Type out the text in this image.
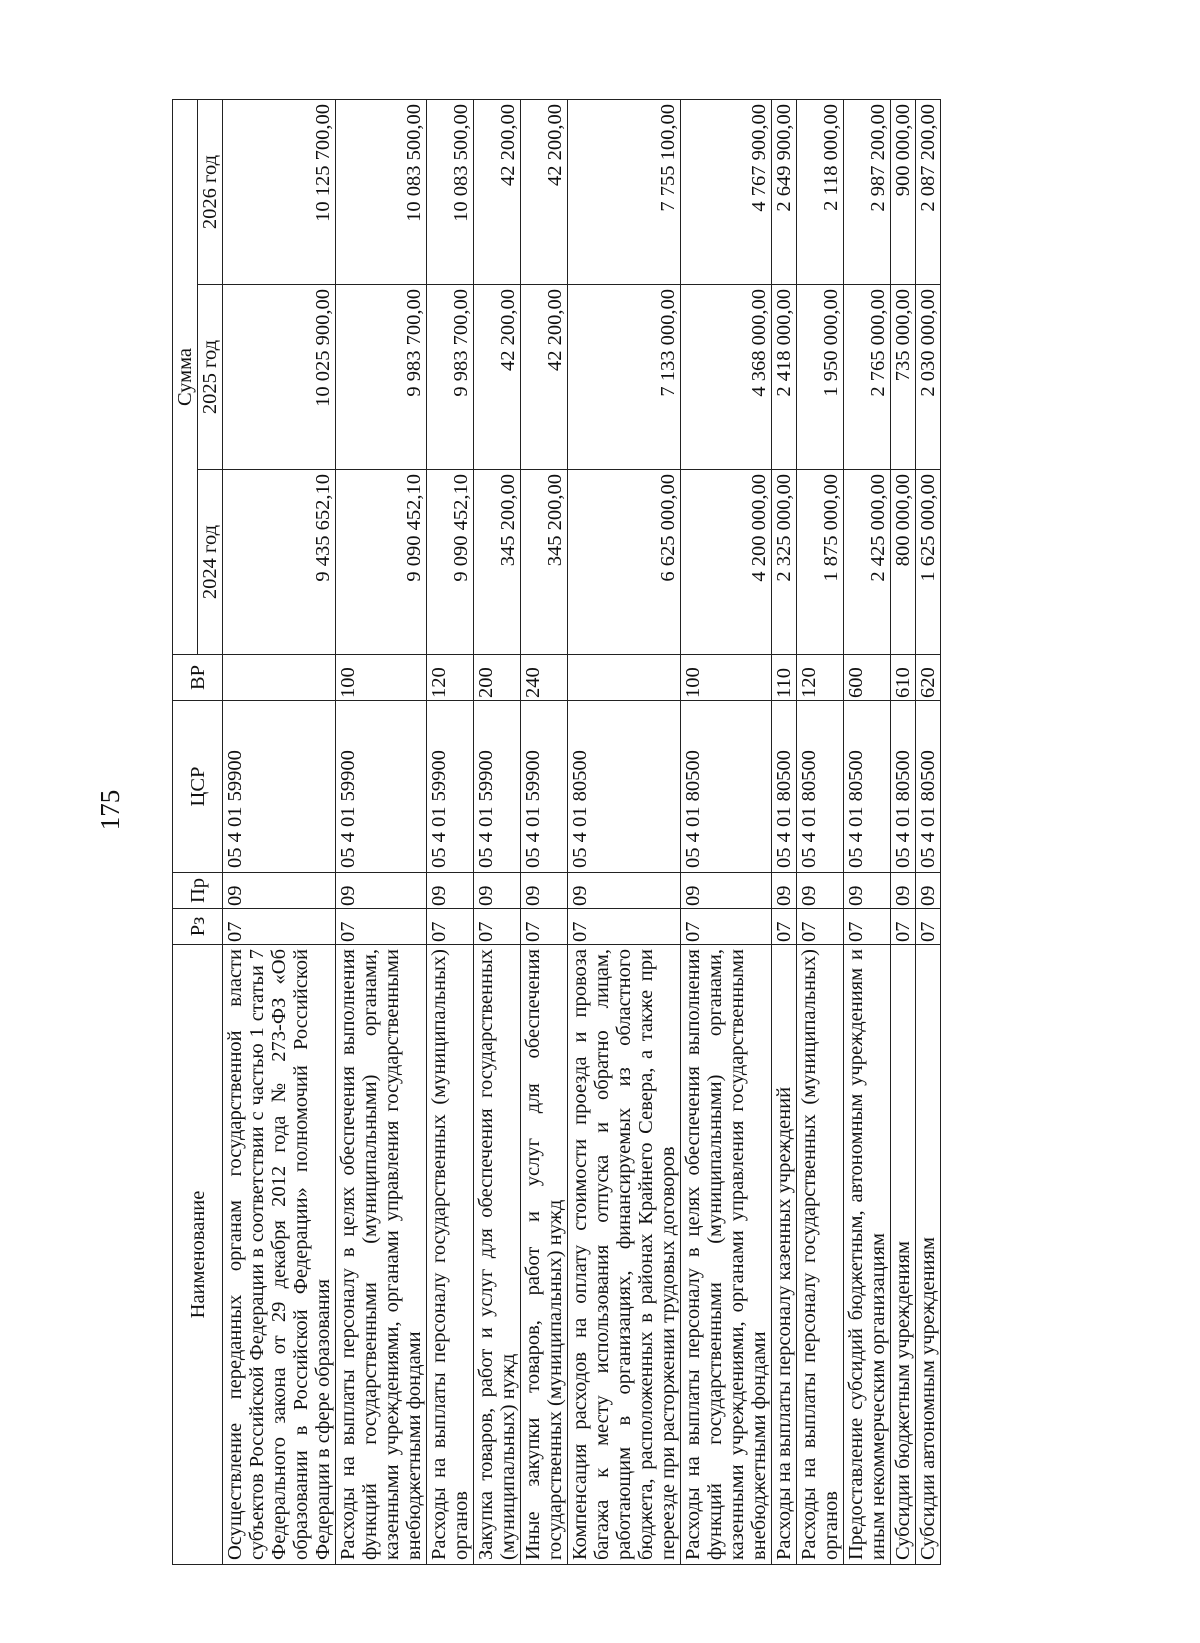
175
Наименование	Рз	Пр	ЦСР	ВР	Сумма		
					2024 год	2025 год	2026 год
Осуществление переданных органам государственной власти субъектов Российской Федерации в соответствии с частью 1 статьи 7 Федерального закона от 29 декабря 2012 года № 273-ФЗ «Об образовании в Российской Федерации» полномочий Российской Федерации в сфере образования	07	09	05 4 01 59900		9 435 652,10	10 025 900,00	10 125 700,00
Расходы на выплаты персоналу в целях обеспечения выполнения функций государственными (муниципальными) органами, казенными учреждениями, органами управления государственными внебюджетными фондами	07	09	05 4 01 59900	100	9 090 452,10	9 983 700,00	10 083 500,00
Расходы на выплаты персоналу государственных (муниципальных) органов	07	09	05 4 01 59900	120	9 090 452,10	9 983 700,00	10 083 500,00
Закупка товаров, работ и услуг для обеспечения государственных (муниципальных) нужд	07	09	05 4 01 59900	200	345 200,00	42 200,00	42 200,00
Иные закупки товаров, работ и услуг для обеспечения государственных (муниципальных) нужд	07	09	05 4 01 59900	240	345 200,00	42 200,00	42 200,00
Компенсация расходов на оплату стоимости проезда и провоза багажа к месту использования отпуска и обратно лицам, работающим в организациях, финансируемых из областного бюджета, расположенных в районах Крайнего Севера, а также при переезде при расторжении трудовых договоров	07	09	05 4 01 80500		6 625 000,00	7 133 000,00	7 755 100,00
Расходы на выплаты персоналу в целях обеспечения выполнения функций государственными (муниципальными) органами, казенными учреждениями, органами управления государственными внебюджетными фондами	07	09	05 4 01 80500	100	4 200 000,00	4 368 000,00	4 767 900,00
Расходы на выплаты персоналу казенных учреждений	07	09	05 4 01 80500	110	2 325 000,00	2 418 000,00	2 649 900,00
Расходы на выплаты персоналу государственных (муниципальных) органов	07	09	05 4 01 80500	120	1 875 000,00	1 950 000,00	2 118 000,00
Предоставление субсидий бюджетным, автономным учреждениям и иным некоммерческим организациям	07	09	05 4 01 80500	600	2 425 000,00	2 765 000,00	2 987 200,00
Субсидии бюджетным учреждениям	07	09	05 4 01 80500	610	800 000,00	735 000,00	900 000,00
Субсидии автономным учреждениям	07	09	05 4 01 80500	620	1 625 000,00	2 030 000,00	2 087 200,00
